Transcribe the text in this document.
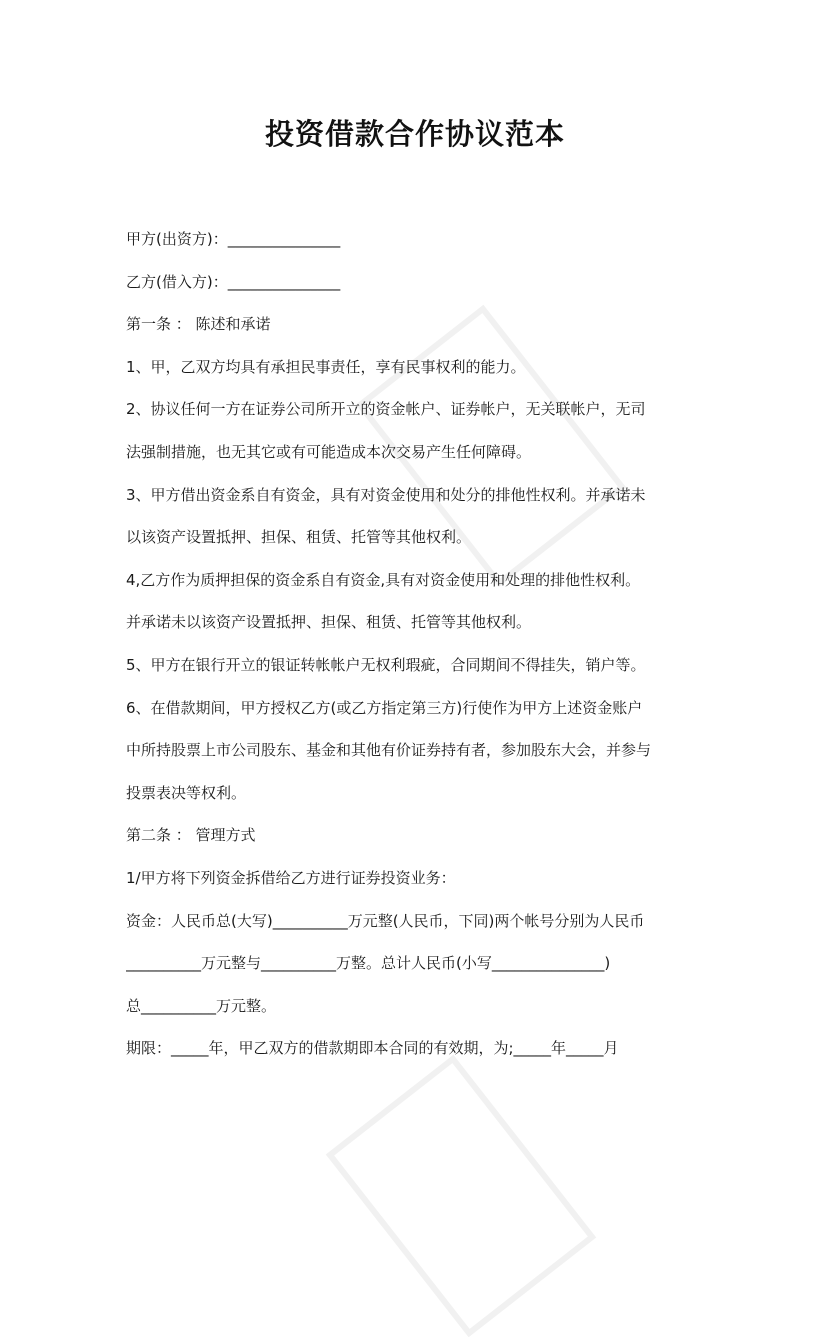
投资借款合作协议范本
甲方(出资方)：_______________
乙方(借入方)：_______________
第一条 ： 陈述和承诺
1、甲，乙双方均具有承担民事责任，享有民事权利的能力。
2、协议任何一方在证券公司所开立的资金帐户、证券帐户，无关联帐户，无司
法强制措施，也无其它或有可能造成本次交易产生任何障碍。
3、甲方借出资金系自有资金，具有对资金使用和处分的排他性权利。并承诺未
以该资产设置抵押、担保、租赁、托管等其他权利。
4,乙方作为质押担保的资金系自有资金,具有对资金使用和处理的排他性权利。
并承诺未以该资产设置抵押、担保、租赁、托管等其他权利。
5、甲方在银行开立的银证转帐帐户无权利瑕疵，合同期间不得挂失，销户等。
6、在借款期间，甲方授权乙方(或乙方指定第三方)行使作为甲方上述资金账户
中所持股票上市公司股东、基金和其他有价证券持有者，参加股东大会，并参与
投票表决等权利。
第二条 ： 管理方式
1/甲方将下列资金拆借给乙方进行证券投资业务：
资金：人民币总(大写)__________万元整(人民币，下同)两个帐号分别为人民币
__________万元整与__________万整。总计人民币(小写_______________)
总__________万元整。
期限：_____年，甲乙双方的借款期即本合同的有效期，为;_____年_____月
